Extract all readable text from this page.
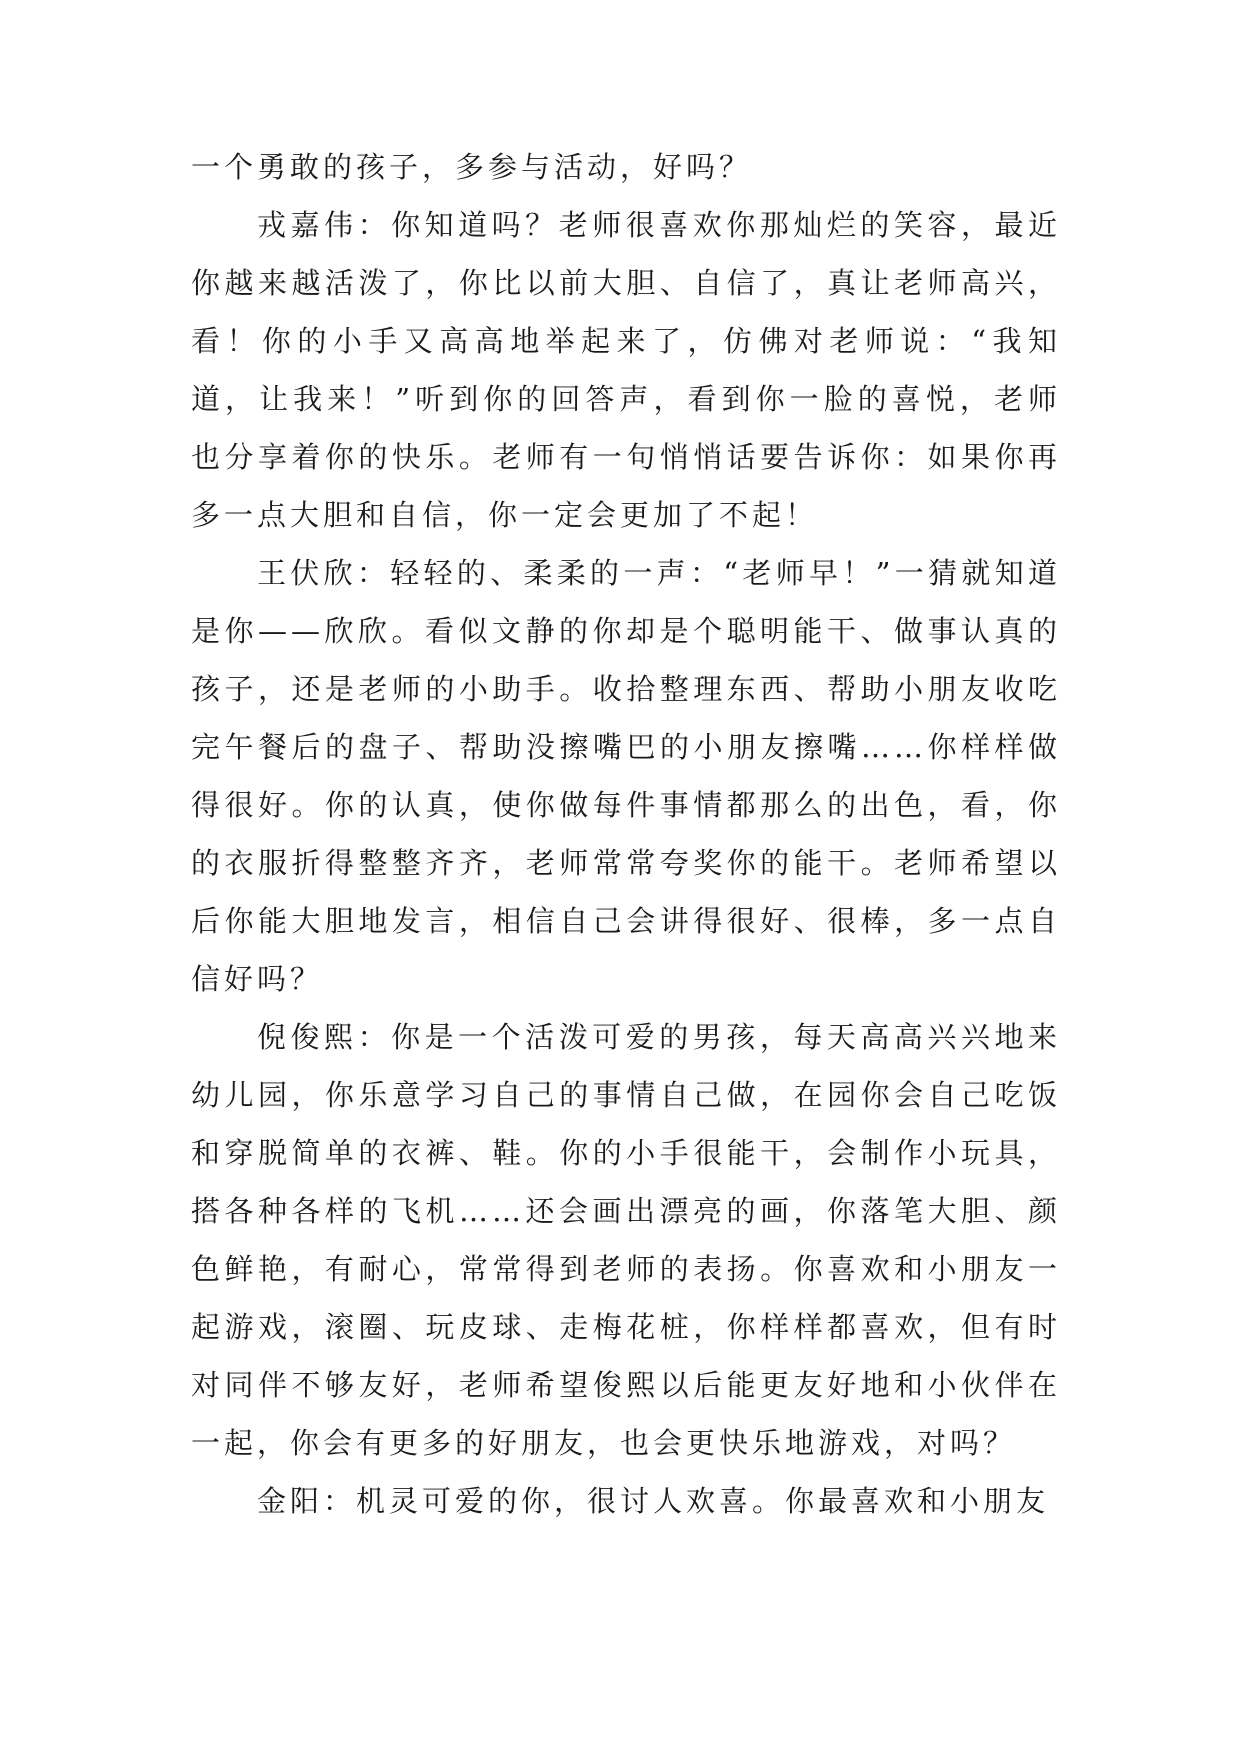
一个勇敢的孩子，多参与活动，好吗？

戎嘉伟：你知道吗？老师很喜欢你那灿烂的笑容，最近你越来越活泼了，你比以前大胆、自信了，真让老师高兴，看！你的小手又高高地举起来了，仿佛对老师说：“我知道，让我来！”听到你的回答声，看到你一脸的喜悦，老师也分享着你的快乐。老师有一句悄悄话要告诉你：如果你再多一点大胆和自信，你一定会更加了不起！

王伏欣：轻轻的、柔柔的一声：“老师早！”一猜就知道是你——欣欣。看似文静的你却是个聪明能干、做事认真的孩子，还是老师的小助手。收拾整理东西、帮助小朋友收吃完午餐后的盘子、帮助没擦嘴巴的小朋友擦嘴……你样样做得很好。你的认真，使你做每件事情都那么的出色，看，你的衣服折得整整齐齐，老师常常夸奖你的能干。老师希望以后你能大胆地发言，相信自己会讲得很好、很棒，多一点自信好吗？

倪俊熙：你是一个活泼可爱的男孩，每天高高兴兴地来幼儿园，你乐意学习自己的事情自己做，在园你会自己吃饭和穿脱简单的衣裤、鞋。你的小手很能干，会制作小玩具，搭各种各样的飞机……还会画出漂亮的画，你落笔大胆、颜色鲜艳，有耐心，常常得到老师的表扬。你喜欢和小朋友一起游戏，滚圈、玩皮球、走梅花桩，你样样都喜欢，但有时对同伴不够友好，老师希望俊熙以后能更友好地和小伙伴在一起，你会有更多的好朋友，也会更快乐地游戏，对吗？

金阳：机灵可爱的你，很讨人欢喜。你最喜欢和小朋友
